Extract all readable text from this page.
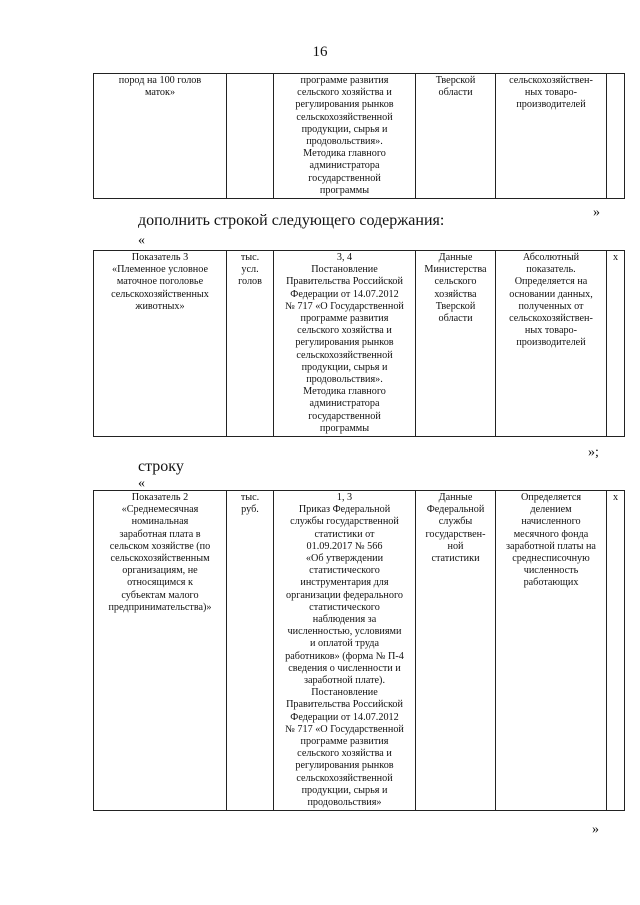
16
пород на 100 голов
маток»		программе развития
сельского хозяйства и
регулирования рынков
сельскохозяйственной
продукции, сырья и
продовольствия».
Методика главного
администратора
государственной
программы	Тверской
области	сельскохозяйствен-
ных товаро-
производителей	
»
дополнить строкой следующего содержания:
«
Показатель 3
«Племенное условное
маточное поголовье
сельскохозяйственных
животных»	тыс.
усл.
голов	3, 4
Постановление
Правительства Российской
Федерации от 14.07.2012
№ 717 «О Государственной
программе развития
сельского хозяйства и
регулирования рынков
сельскохозяйственной
продукции, сырья и
продовольствия».
Методика главного
администратора
государственной
программы	Данные
Министерства
сельского
хозяйства
Тверской
области	Абсолютный
показатель.
Определяется на
основании данных,
полученных от
сельскохозяйствен-
ных товаро-
производителей	х
»;
строку
«
Показатель 2
«Среднемесячная
номинальная
заработная плата в
сельском хозяйстве (по
сельскохозяйственным
организациям, не
относящимся к
субъектам малого
предпринимательства)»	тыс.
руб.	1, 3
Приказ Федеральной
службы государственной
статистики от
01.09.2017 № 566
«Об утверждении
статистического
инструментария для
организации федерального
статистического
наблюдения за
численностью, условиями
и оплатой труда
работников» (форма № П-4
сведения о численности и
заработной плате).
Постановление
Правительства Российской
Федерации от 14.07.2012
№ 717 «О Государственной
программе развития
сельского хозяйства и
регулирования рынков
сельскохозяйственной
продукции, сырья и
продовольствия»	Данные
Федеральной
службы
государствен-
ной
статистики	Определяется
делением
начисленного
месячного фонда
заработной платы на
среднесписочную
численность
работающих	х
»
